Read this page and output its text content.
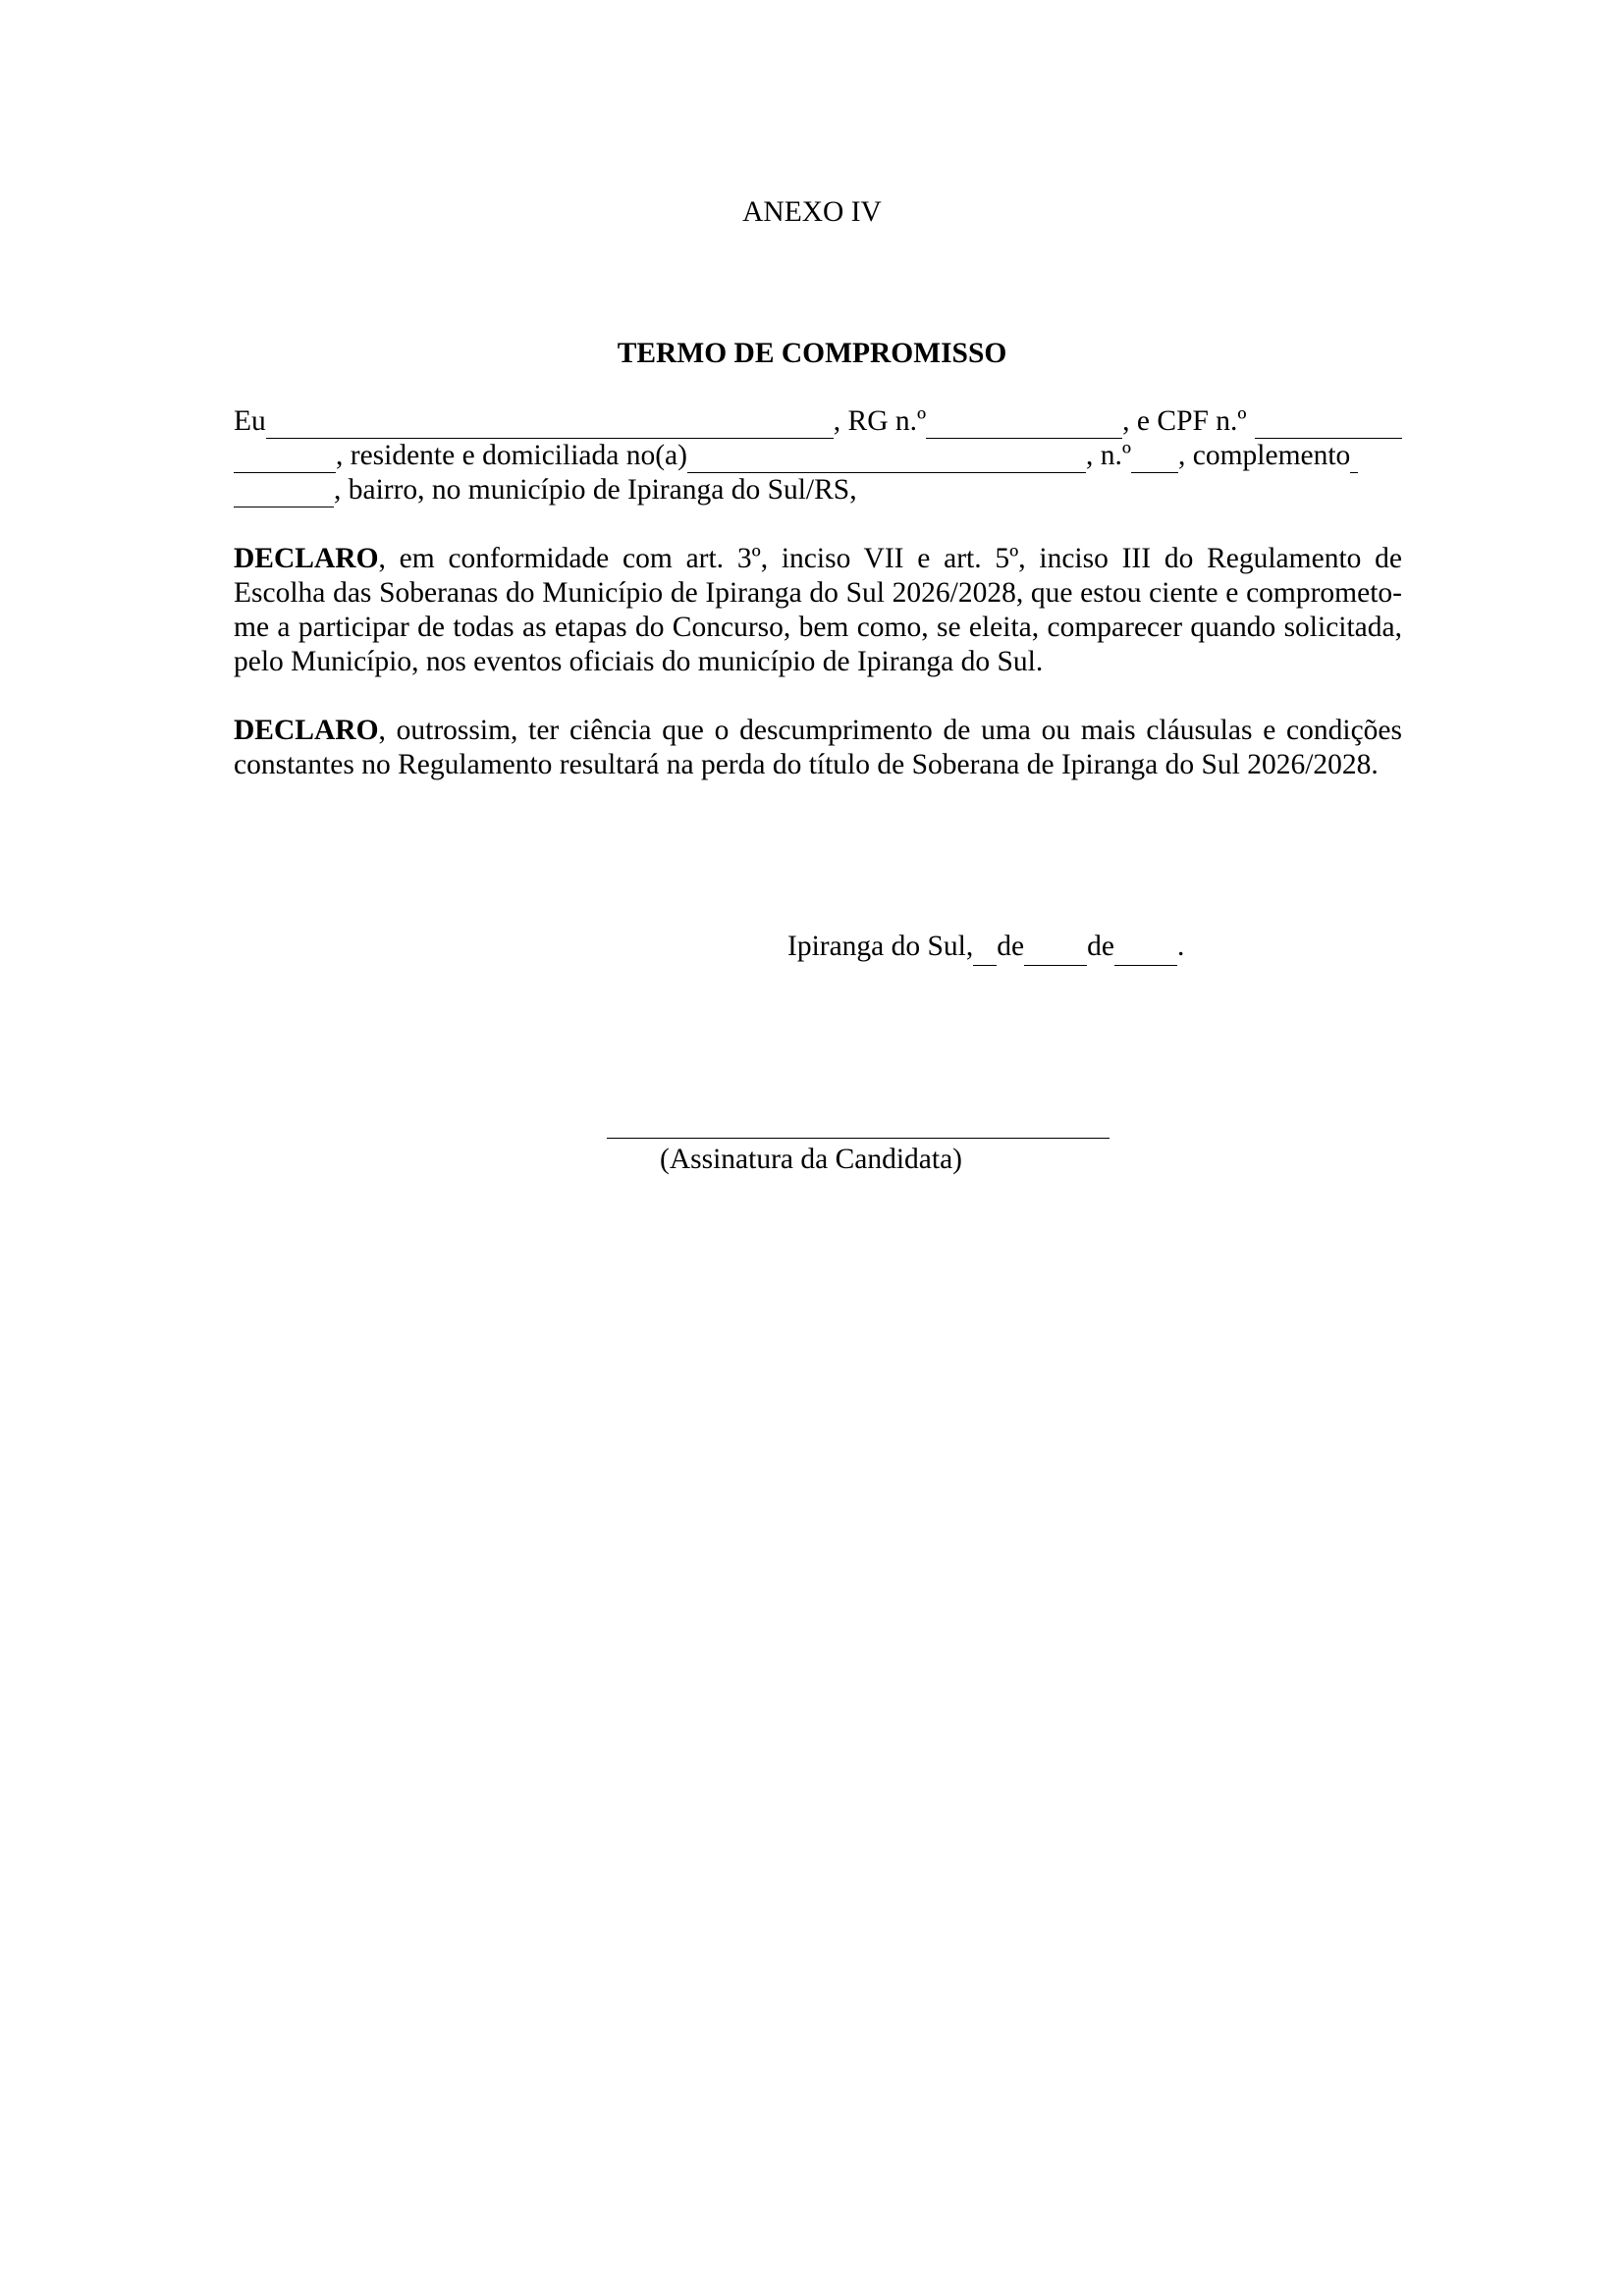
ANEXO IV
TERMO DE COMPROMISSO
Eu	, RG n.º	, e CPF n.º
, residente e domiciliada no(a)	, n.º , complemento
, bairro, no município de Ipiranga do Sul/RS,
DECLARO, em conformidade com art. 3º, inciso VII e art. 5º, inciso III do Regulamento de Escolha das Soberanas do Município de Ipiranga do Sul 2026/2028, que estou ciente e comprometo-me a participar de todas as etapas do Concurso, bem como, se eleita, comparecer quando solicitada, pelo Município, nos eventos oficiais do município de Ipiranga do Sul.
DECLARO, outrossim, ter ciência que o descumprimento de uma ou mais cláusulas e condições constantes no Regulamento resultará na perda do título de Soberana de Ipiranga do Sul 2026/2028.
Ipiranga do Sul, de de .
(Assinatura da Candidata)
